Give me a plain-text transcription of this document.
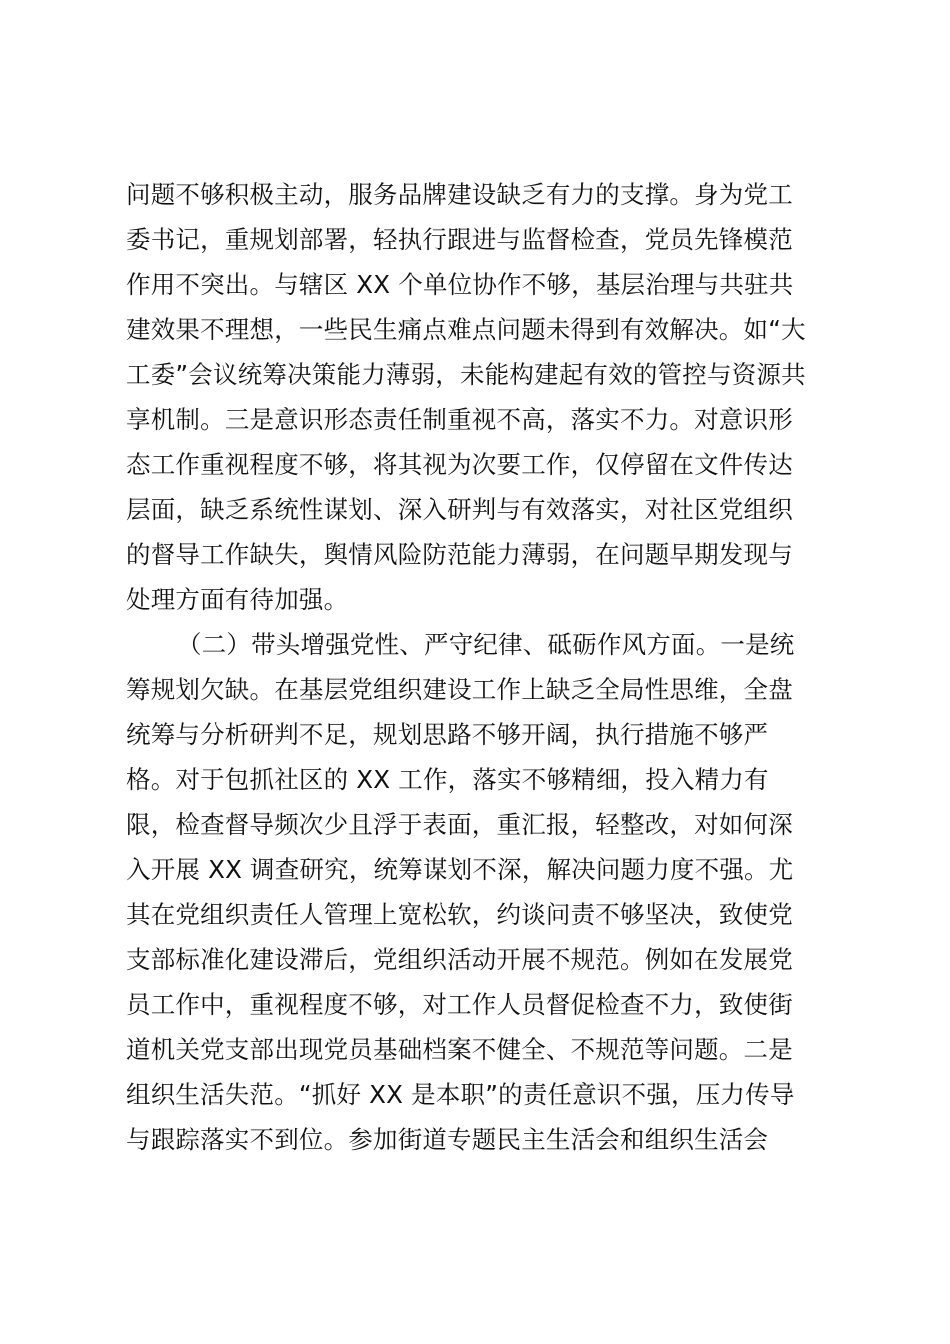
问题不够积极主动，服务品牌建设缺乏有力的支撑。身为党工
委书记，重规划部署，轻执行跟进与监督检查，党员先锋模范
作用不突出。与辖区 XX 个单位协作不够，基层治理与共驻共
建效果不理想，一些民生痛点难点问题未得到有效解决。如“大
工委”会议统筹决策能力薄弱，未能构建起有效的管控与资源共
享机制。三是意识形态责任制重视不高，落实不力。对意识形
态工作重视程度不够，将其视为次要工作，仅停留在文件传达
层面，缺乏系统性谋划、深入研判与有效落实，对社区党组织
的督导工作缺失，舆情风险防范能力薄弱，在问题早期发现与
处理方面有待加强。
（二）带头增强党性、严守纪律、砥砺作风方面。一是统
筹规划欠缺。在基层党组织建设工作上缺乏全局性思维，全盘
统筹与分析研判不足，规划思路不够开阔，执行措施不够严
格。对于包抓社区的 XX 工作，落实不够精细，投入精力有
限，检查督导频次少且浮于表面，重汇报，轻整改，对如何深
入开展 XX 调查研究，统筹谋划不深，解决问题力度不强。尤
其在党组织责任人管理上宽松软，约谈问责不够坚决，致使党
支部标准化建设滞后，党组织活动开展不规范。例如在发展党
员工作中，重视程度不够，对工作人员督促检查不力，致使街
道机关党支部出现党员基础档案不健全、不规范等问题。二是
组织生活失范。“抓好 XX 是本职”的责任意识不强，压力传导
与跟踪落实不到位。参加街道专题民主生活会和组织生活会
